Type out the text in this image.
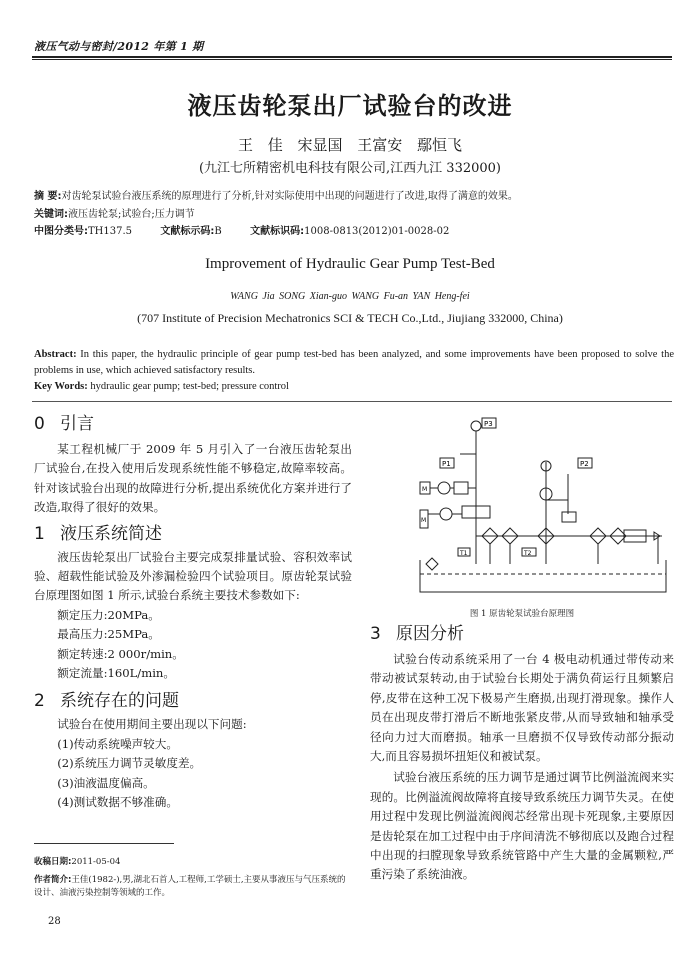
液压气动与密封/2012 年第 1 期
液压齿轮泵出厂试验台的改进
王 佳 宋显国 王富安 鄢恒飞
(九江七所精密机电科技有限公司,江西九江 332000)
摘 要:对齿轮泵试验台液压系统的原理进行了分析,针对实际使用中出现的问题进行了改进,取得了满意的效果。
关键词:液压齿轮泵;试验台;压力调节
中图分类号:TH137.5	文献标示码:B	文献标识码:1008-0813(2012)01-0028-02
Improvement of Hydraulic Gear Pump Test-Bed
WANG Jia SONG Xian-guo WANG Fu-an YAN Heng-fei
(707 Institute of Precision Mechatronics SCI & TECH Co.,Ltd., Jiujiang 332000, China)
Abstract: In this paper, the hydraulic principle of gear pump test-bed has been analyzed, and some improvements have been proposed to solve the problems in use, which achieved satisfactory results.
Key Words: hydraulic gear pump; test-bed; pressure control
0 引言

某工程机械厂于 2009 年 5 月引入了一台液压齿轮泵出厂试验台,在投入使用后发现系统性能不够稳定,故障率较高。针对该试验台出现的故障进行分析,提出系统优化方案并进行了改造,取得了很好的效果。

1 液压系统简述

液压齿轮泵出厂试验台主要完成泵排量试验、容积效率试验、超载性能试验及外渗漏检验四个试验项目。原齿轮泵试验台原理图如图 1 所示,试验台系统主要技术参数如下:

额定压力:20MPa。
最高压力:25MPa。
额定转速:2 000r/min。
额定流量:160L/min。
2 系统存在的问题
试验台在使用期间主要出现以下问题:
(1)传动系统噪声较大。
(2)系统压力调节灵敏度差。
(3)油液温度偏高。
(4)测试数据不够准确。
P3
P1	P2
T1	T2
M
M
图 1 原齿轮泵试验台原理图
3 原因分析

试验台传动系统采用了一台 4 极电动机通过带传动来带动被试泵转动,由于试验台长期处于满负荷运行且频繁启停,皮带在这种工况下极易产生磨损,出现打滑现象。操作人员在出现皮带打滑后不断地张紧皮带,从而导致轴和轴承受径向力过大而磨损。轴承一旦磨损不仅导致传动部分振动大,而且容易损坏扭矩仪和被试泵。

试验台液压系统的压力调节是通过调节比例溢流阀来实现的。比例溢流阀故障将直接导致系统压力调节失灵。在使用过程中发现比例溢流阀阀芯经常出现卡死现象,主要原因是齿轮泵在加工过程中由于序间清洗不够彻底以及跑合过程中出现的扫膛现象导致系统管路中产生大量的金属颗粒,严重污染了系统油液。

收稿日期:2011-05-04
作者简介:王佳(1982-),男,湖北石首人,工程师,工学硕士,主要从事液压与气压系统的设计、油液污染控制等领域的工作。
28
